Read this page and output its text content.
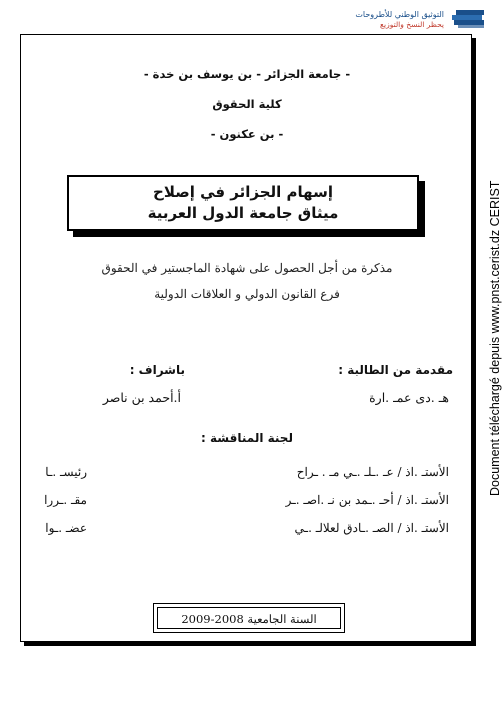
التوثيق الوطني للأطروحات
يحظر النسخ والتوزيع
- جامعة الجزائر - بن يوسف بن خدة -
كلية الحقوق
- بن عكنون -
إسهام الجزائر في إصلاح
ميثاق جامعة الدول العربية
مذكرة من أجل الحصول على شهادة الماجستير في الحقوق
فرع القانون الدولي و العلاقات الدولية
مقدمة من الطالبة :
هـ .دى عمـ .ارة
باشراف :
أ.أحمد بن ناصر
لجنة المناقشة :
الأستـ .اذ / عـ .ـلـ .ـي مـ . ـراح
رئيسـ .ـا
الأستـ .اذ / أحـ .ـمد بن نـ .اصـ .ـر
مقـ .ـررا
الأستـ .اذ / الصـ .ـادق لعلالـ .ـي
عضـ .ـوا
السنة الجامعية 2008-2009
Document téléchargé depuis www.pnst.cerist.dz CERIST
